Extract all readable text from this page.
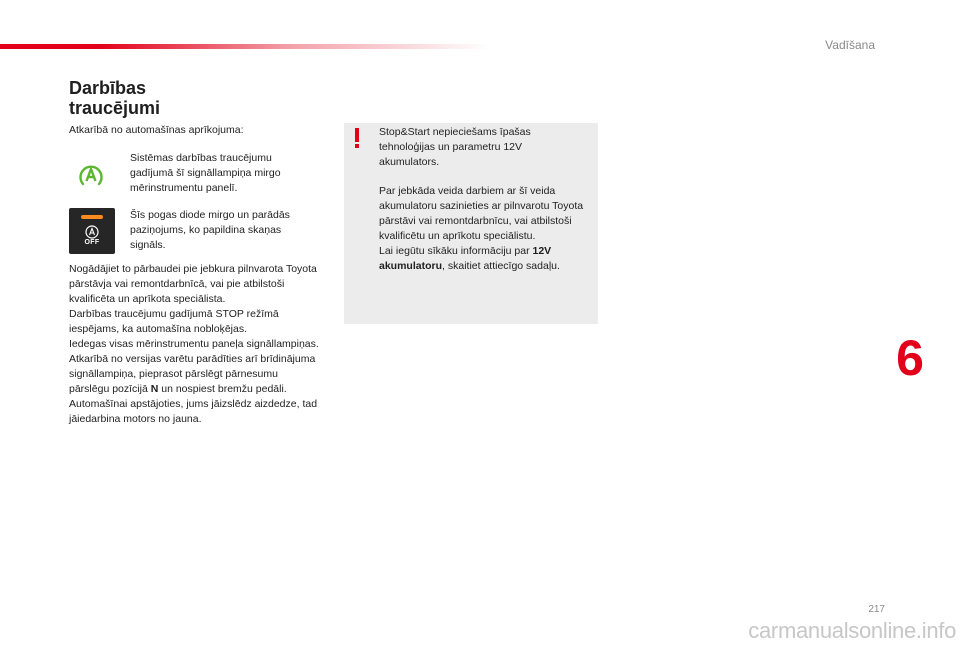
Vadīšana
Darbības
traucējumi
Atkarībā no automašīnas aprīkojuma:
Sistēmas darbības traucējumu gadījumā šī signāllampiņa mirgo mērinstrumentu panelī.
OFF
Šīs pogas diode mirgo un parādās paziņojums, ko papildina skaņas signāls.

Nogādājiet to pārbaudei pie jebkura pilnvarota Toyota pārstāvja vai remontdarbnīcā, vai pie atbilstoši kvalificēta un aprīkota speciālista.

Darbības traucējumu gadījumā STOP režīmā iespējams, ka automašīna nobloķējas.

Iedegas visas mērinstrumentu paneļa signāllampiņas.

Atkarībā no versijas varētu parādīties arī brīdinājuma signāllampiņa, pieprasot pārslēgt pārnesumu pārslēgu pozīcijā N un nospiest bremžu pedāli.

Automašīnai apstājoties, jums jāizslēdz aizdedze, tad jāiedarbina motors no jauna.

Stop&Start nepieciešams īpašas tehnoloģijas un parametru 12V akumulators.
Par jebkāda veida darbiem ar šī veida akumulatoru sazinieties ar pilnvarotu Toyota pārstāvi vai remontdarbnīcu, vai atbilstoši kvalificētu un aprīkotu speciālistu.
Lai iegūtu sīkāku informāciju par 12V akumulatoru, skaitiet attiecīgo sadaļu.
6
217
carmanualsonline.info
